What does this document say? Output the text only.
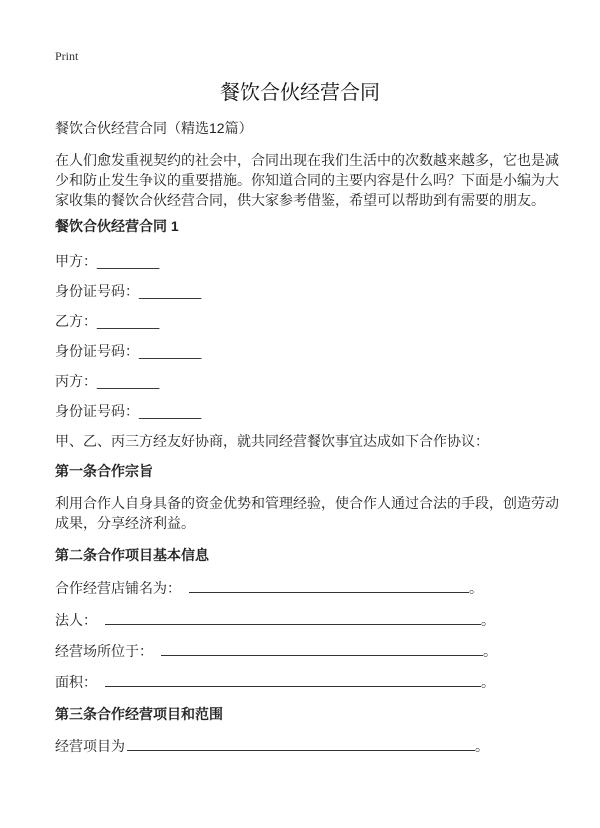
Print
餐饮合伙经营合同
餐饮合伙经营合同（精选12篇）
在人们愈发重视契约的社会中，合同出现在我们生活中的次数越来越多，它也是减少和防止发生争议的重要措施。你知道合同的主要内容是什么吗？下面是小编为大家收集的餐饮合伙经营合同，供大家参考借鉴，希望可以帮助到有需要的朋友。
餐饮合伙经营合同 1
甲方：________
身份证号码：________
乙方：________
身份证号码：________
丙方：________
身份证号码：________
甲、乙、丙三方经友好协商，就共同经营餐饮事宜达成如下合作协议：
第一条合作宗旨
利用合作人自身具备的资金优势和管理经验，使合作人通过合法的手段，创造劳动成果，分享经济利益。
第二条合作项目基本信息
合作经营店铺名为：	。
法人：	。
经营场所位于：	。
面积：	。
第三条合作经营项目和范围
经营项目为	。
